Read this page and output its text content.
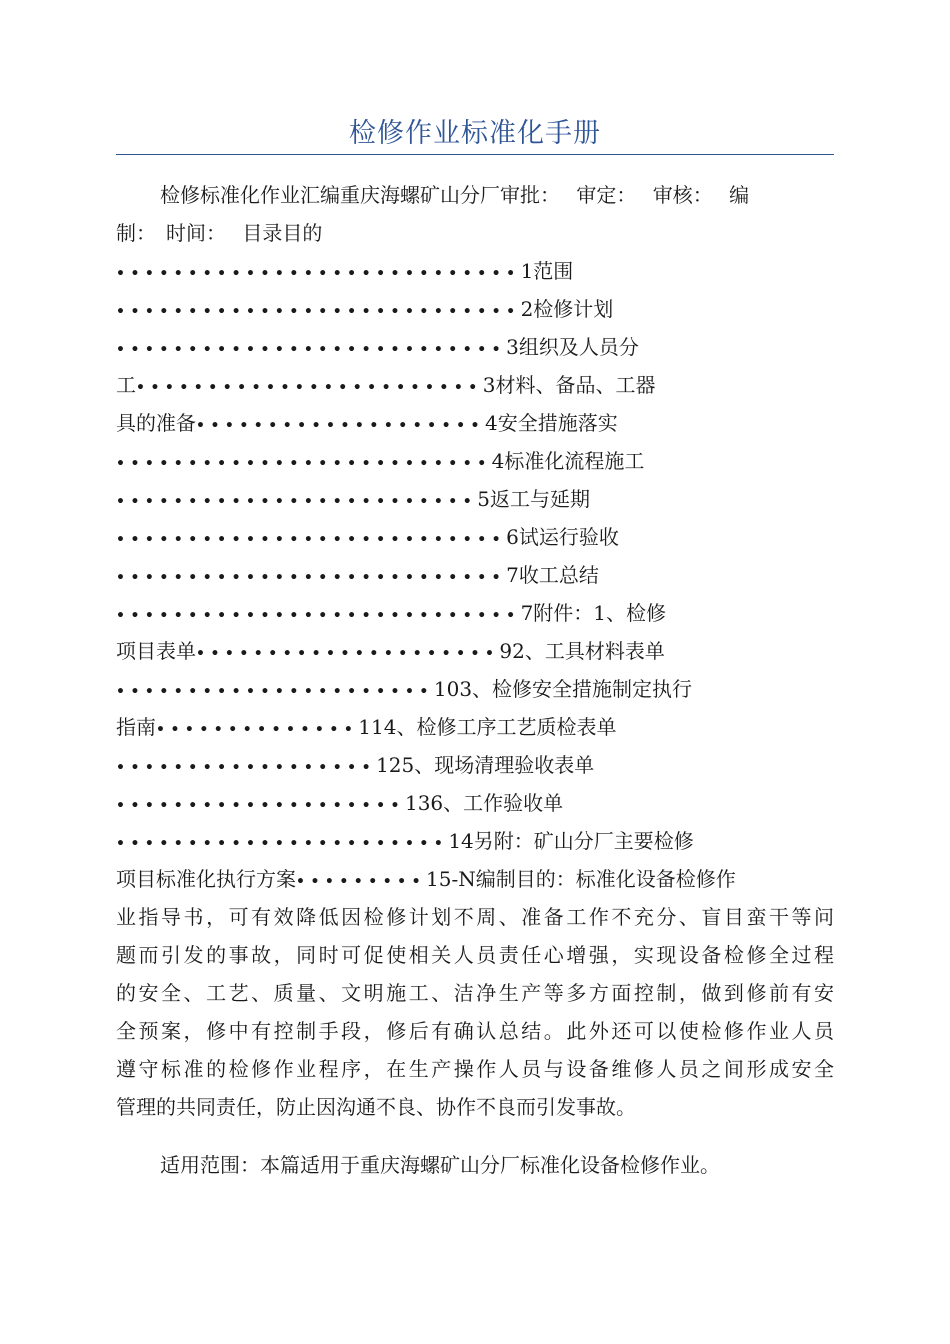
检修作业标准化手册
检修标准化作业汇编重庆海螺矿山分厂审批：　 审定：　 审核：　 编
制：　时间：　 目录目的
••••••••••••••••••••••••••••1范围
••••••••••••••••••••••••••••2检修计划
•••••••••••••••••••••••••••3组织及人员分
工••••••••••••••••••••••••3材料、备品、工器
具的准备••••••••••••••••••••4安全措施落实
••••••••••••••••••••••••••4标准化流程施工
•••••••••••••••••••••••••5返工与延期
•••••••••••••••••••••••••••6试运行验收
•••••••••••••••••••••••••••7收工总结
••••••••••••••••••••••••••••7附件：1、检修
项目表单•••••••••••••••••••••92、工具材料表单
••••••••••••••••••••••103、检修安全措施制定执行
指南••••••••••••••114、检修工序工艺质检表单
••••••••••••••••••125、现场清理验收表单
••••••••••••••••••••136、工作验收单
•••••••••••••••••••••••14另附：矿山分厂主要检修
项目标准化执行方案•••••••••15-N编制目的：标准化设备检修作
业指导书，可有效降低因检修计划不周、准备工作不充分、盲目蛮干等问
题而引发的事故，同时可促使相关人员责任心增强，实现设备检修全过程
的安全、工艺、质量、文明施工、洁净生产等多方面控制，做到修前有安
全预案，修中有控制手段，修后有确认总结。此外还可以使检修作业人员
遵守标准的检修作业程序，在生产操作人员与设备维修人员之间形成安全
管理的共同责任，防止因沟通不良、协作不良而引发事故。
适用范围：本篇适用于重庆海螺矿山分厂标准化设备检修作业。
